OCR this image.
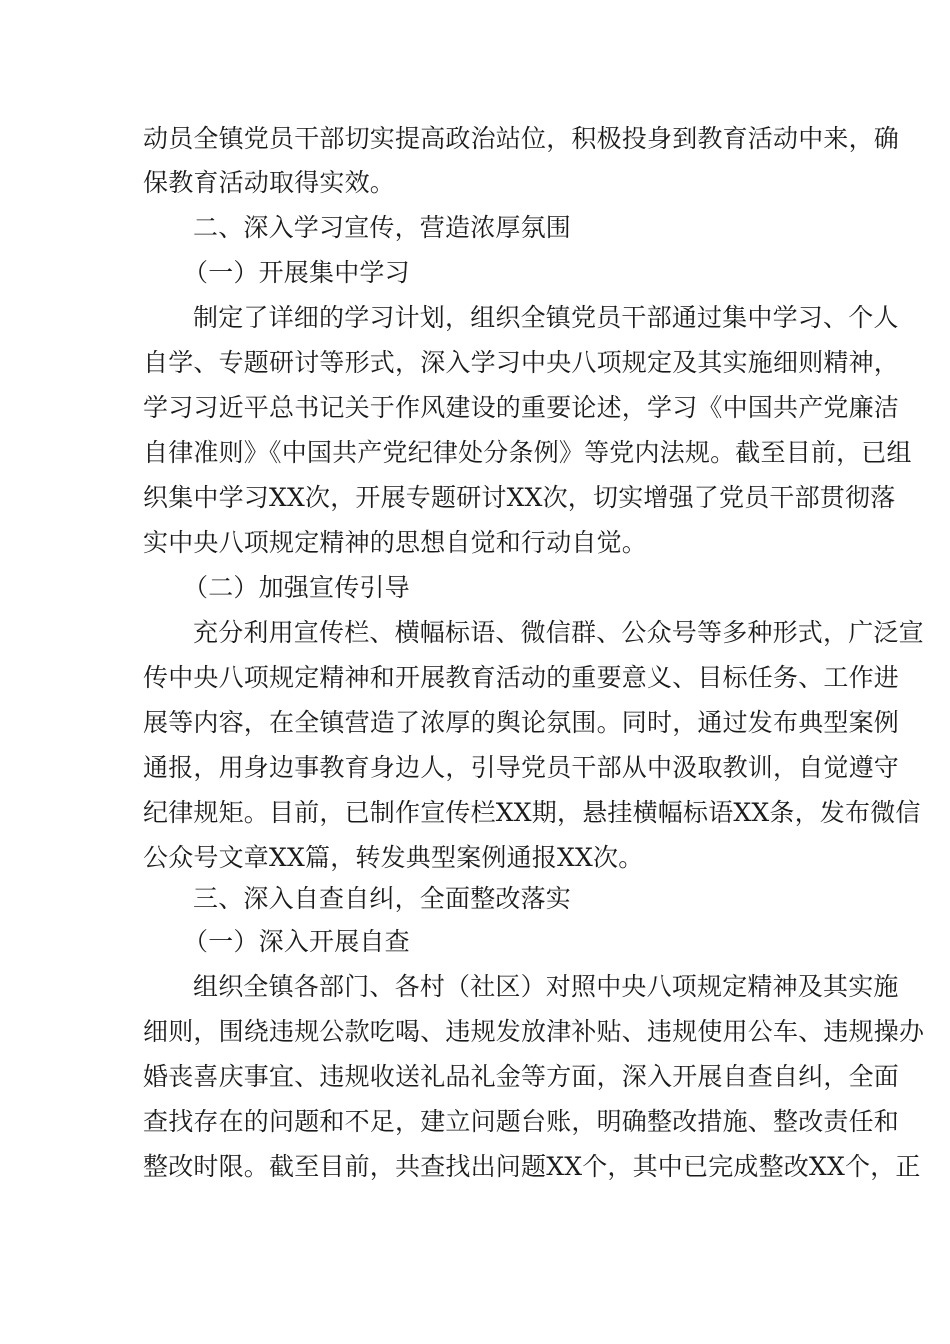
动员全镇党员干部切实提高政治站位，积极投身到教育活动中来，确
保教育活动取得实效。
二、深入学习宣传，营造浓厚氛围
（一）开展集中学习
制定了详细的学习计划，组织全镇党员干部通过集中学习、个人
自学、专题研讨等形式，深入学习中央八项规定及其实施细则精神，
学习习近平总书记关于作风建设的重要论述，学习《中国共产党廉洁
自律准则》《中国共产党纪律处分条例》等党内法规。截至目前，已组
织集中学习XX次，开展专题研讨XX次，切实增强了党员干部贯彻落
实中央八项规定精神的思想自觉和行动自觉。
（二）加强宣传引导
充分利用宣传栏、横幅标语、微信群、公众号等多种形式，广泛宣
传中央八项规定精神和开展教育活动的重要意义、目标任务、工作进
展等内容，在全镇营造了浓厚的舆论氛围。同时，通过发布典型案例
通报，用身边事教育身边人，引导党员干部从中汲取教训，自觉遵守
纪律规矩。目前，已制作宣传栏XX期，悬挂横幅标语XX条，发布微信
公众号文章XX篇，转发典型案例通报XX次。
三、深入自查自纠，全面整改落实
（一）深入开展自查
组织全镇各部门、各村（社区）对照中央八项规定精神及其实施
细则，围绕违规公款吃喝、违规发放津补贴、违规使用公车、违规操办
婚丧喜庆事宜、违规收送礼品礼金等方面，深入开展自查自纠，全面
查找存在的问题和不足，建立问题台账，明确整改措施、整改责任和
整改时限。截至目前，共查找出问题XX个，其中已完成整改XX个，正
